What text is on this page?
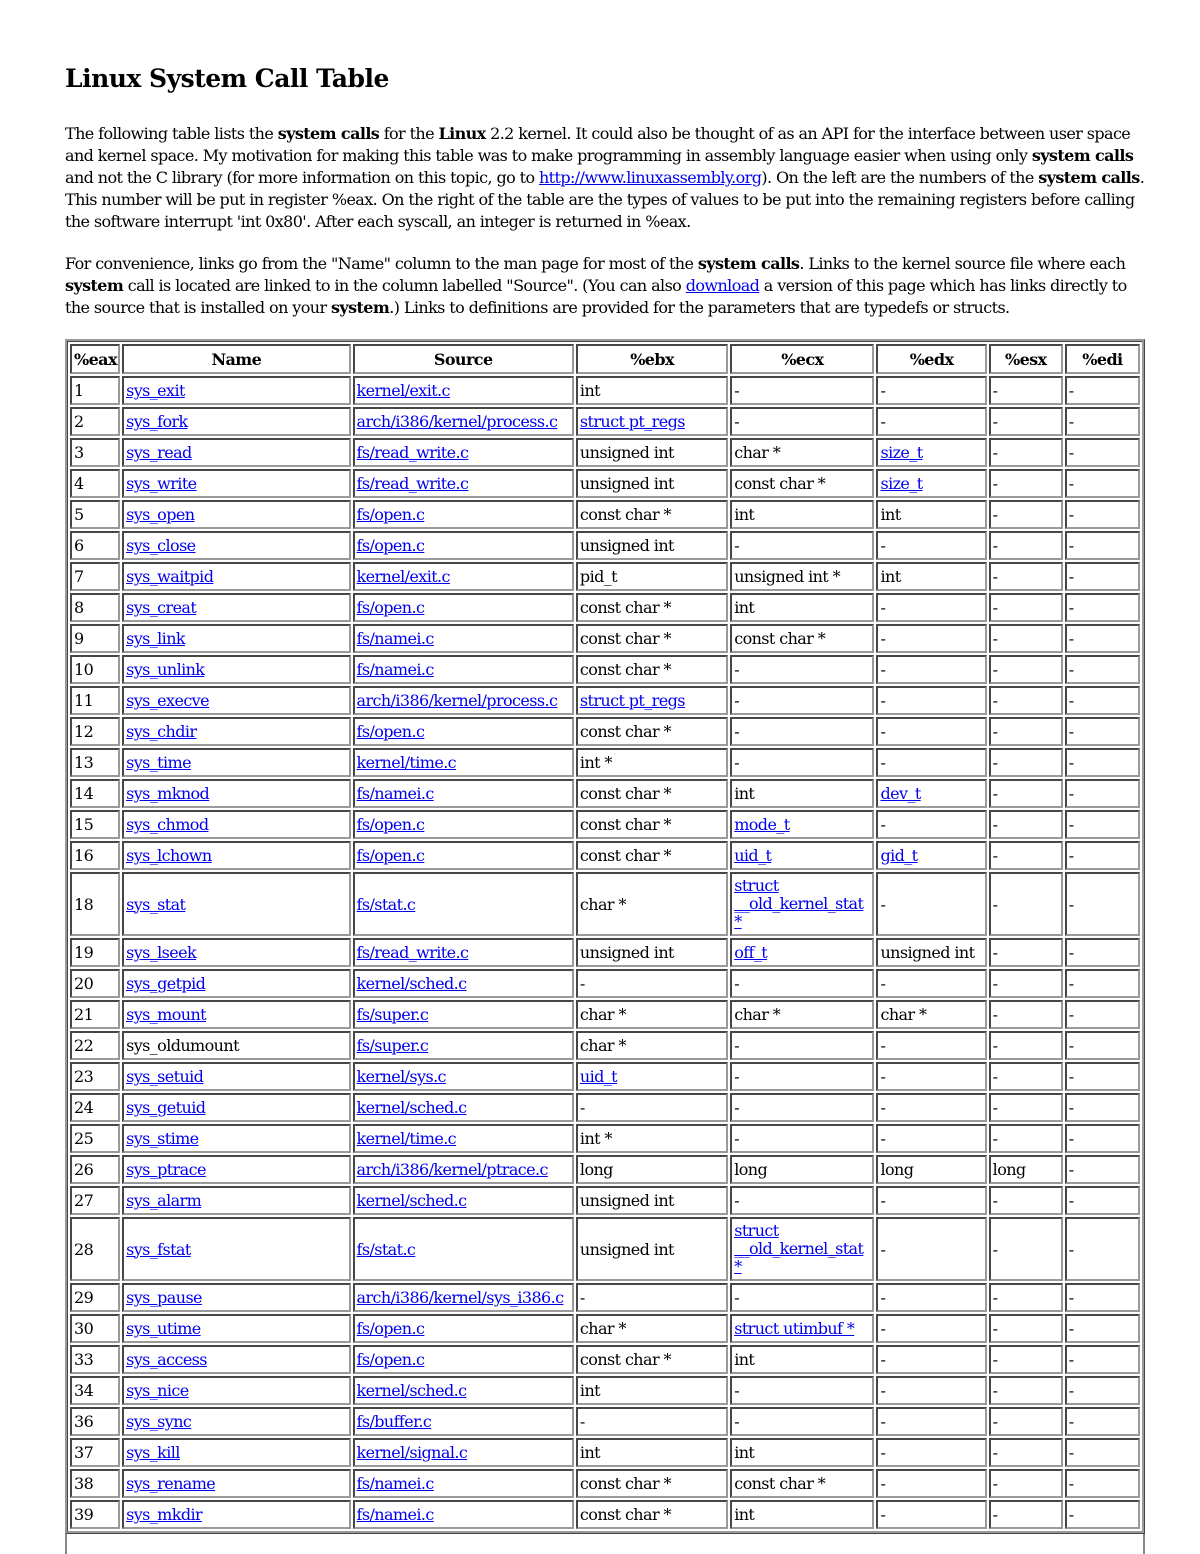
Linux System Call Table

The following table lists the system calls for the Linux 2.2 kernel. It could also be thought of as an API for the interface between user space and kernel space. My motivation for making this table was to make programming in assembly language easier when using only system calls and not the C library (for more information on this topic, go to http://www.linuxassembly.org). On the left are the numbers of the system calls. This number will be put in register %eax. On the right of the table are the types of values to be put into the remaining registers before calling the software interrupt 'int 0x80'. After each syscall, an integer is returned in %eax.

For convenience, links go from the "Name" column to the man page for most of the system calls. Links to the kernel source file where each system call is located are linked to in the column labelled "Source". (You can also download a version of this page which has links directly to the source that is installed on your system.) Links to definitions are provided for the parameters that are typedefs or structs.

%eax	Name	Source	%ebx	%ecx	%edx	%esx	%edi
1	sys_exit	kernel/exit.c	int	-	-	-	-
2	sys_fork	arch/i386/kernel/process.c	struct pt_regs	-	-	-	-
3	sys_read	fs/read_write.c	unsigned int	char *	size_t	-	-
4	sys_write	fs/read_write.c	unsigned int	const char *	size_t	-	-
5	sys_open	fs/open.c	const char *	int	int	-	-
6	sys_close	fs/open.c	unsigned int	-	-	-	-
7	sys_waitpid	kernel/exit.c	pid_t	unsigned int *	int	-	-
8	sys_creat	fs/open.c	const char *	int	-	-	-
9	sys_link	fs/namei.c	const char *	const char *	-	-	-
10	sys_unlink	fs/namei.c	const char *	-	-	-	-
11	sys_execve	arch/i386/kernel/process.c	struct pt_regs	-	-	-	-
12	sys_chdir	fs/open.c	const char *	-	-	-	-
13	sys_time	kernel/time.c	int *	-	-	-	-
14	sys_mknod	fs/namei.c	const char *	int	dev_t	-	-
15	sys_chmod	fs/open.c	const char *	mode_t	-	-	-
16	sys_lchown	fs/open.c	const char *	uid_t	gid_t	-	-
18	sys_stat	fs/stat.c	char *	struct __old_kernel_stat *	-	-	-
19	sys_lseek	fs/read_write.c	unsigned int	off_t	unsigned int	-	-
20	sys_getpid	kernel/sched.c	-	-	-	-	-
21	sys_mount	fs/super.c	char *	char *	char *	-	-
22	sys_oldumount	fs/super.c	char *	-	-	-	-
23	sys_setuid	kernel/sys.c	uid_t	-	-	-	-
24	sys_getuid	kernel/sched.c	-	-	-	-	-
25	sys_stime	kernel/time.c	int *	-	-	-	-
26	sys_ptrace	arch/i386/kernel/ptrace.c	long	long	long	long	-
27	sys_alarm	kernel/sched.c	unsigned int	-	-	-	-
28	sys_fstat	fs/stat.c	unsigned int	struct __old_kernel_stat *	-	-	-
29	sys_pause	arch/i386/kernel/sys_i386.c	-	-	-	-	-
30	sys_utime	fs/open.c	char *	struct utimbuf *	-	-	-
33	sys_access	fs/open.c	const char *	int	-	-	-
34	sys_nice	kernel/sched.c	int	-	-	-	-
36	sys_sync	fs/buffer.c	-	-	-	-	-
37	sys_kill	kernel/signal.c	int	int	-	-	-
38	sys_rename	fs/namei.c	const char *	const char *	-	-	-
39	sys_mkdir	fs/namei.c	const char *	int	-	-	-
